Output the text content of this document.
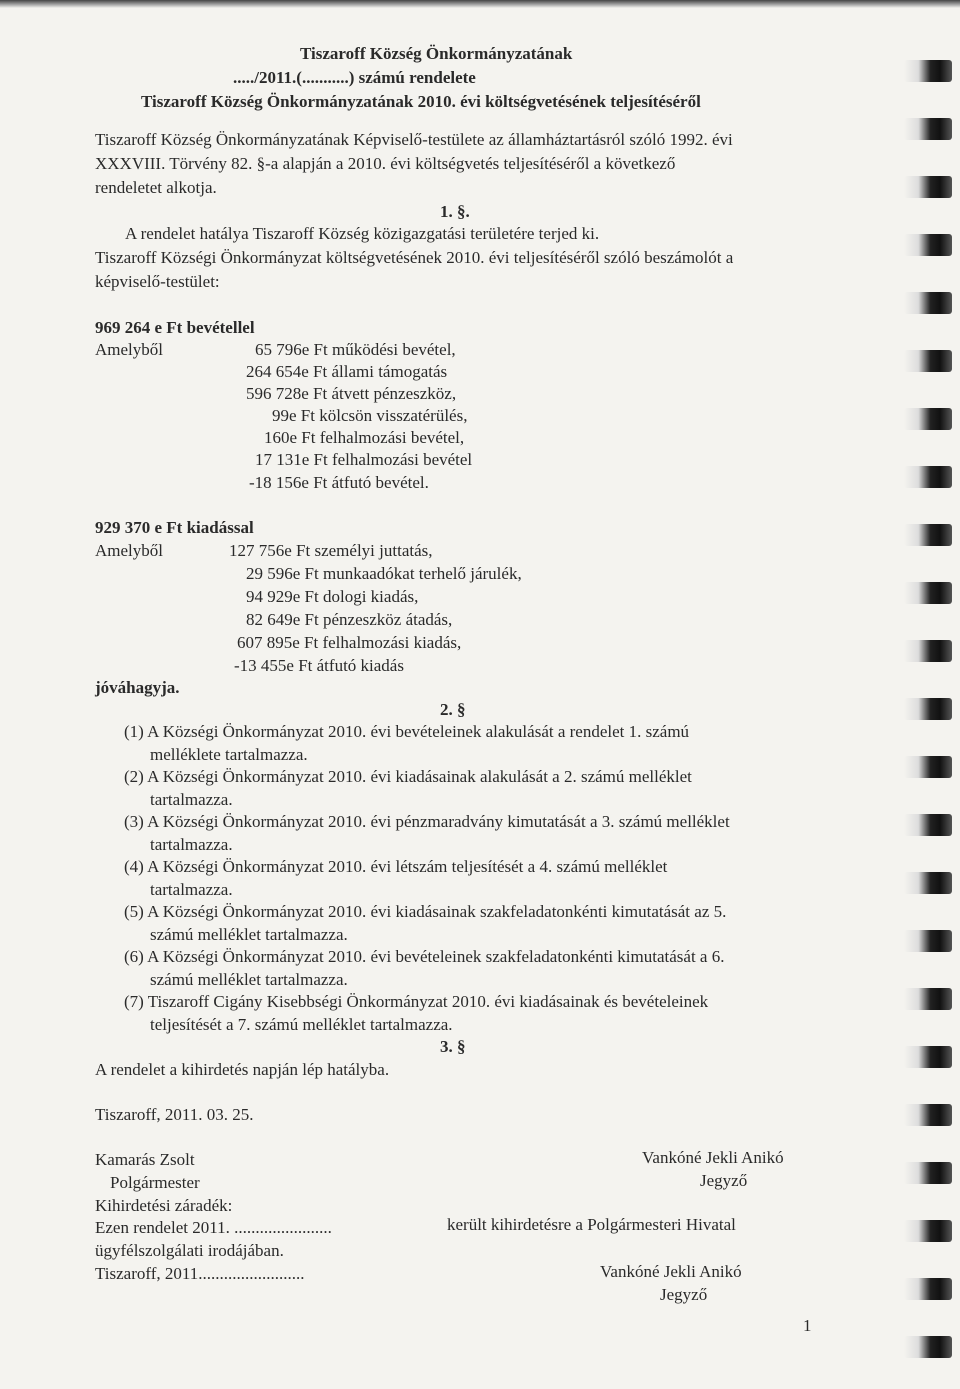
Tiszaroff Község Önkormányzatának
...../2011.(...........) számú rendelete
Tiszaroff Község Önkormányzatának 2010. évi költségvetésének teljesítéséről
Tiszaroff Község Önkormányzatának Képviselő-testülete az államháztartásról szóló 1992. évi
XXXVIII. Törvény 82. §-a alapján a 2010. évi költségvetés teljesítéséről a következő
rendeletet alkotja.
1. §.
A rendelet hatálya Tiszaroff Község közigazgatási területére terjed ki.
Tiszaroff Községi Önkormányzat költségvetésének 2010. évi teljesítéséről szóló beszámolót a
képviselő-testület:
969 264 e Ft bevétellel
Amelyből	65 796e Ft működési bevétel,
264 654e Ft állami támogatás
596 728e Ft átvett pénzeszköz,
99e Ft kölcsön visszatérülés,
160e Ft felhalmozási bevétel,
17 131e Ft felhalmozási bevétel
-18 156e Ft átfutó bevétel.
929 370 e Ft kiadással
Amelyből	127 756e Ft személyi juttatás,
29 596e Ft munkaadókat terhelő járulék,
94 929e Ft dologi kiadás,
82 649e Ft pénzeszköz átadás,
607 895e Ft felhalmozási kiadás,
-13 455e Ft átfutó kiadás
jóváhagyja.
2. §
(1) A Községi Önkormányzat 2010. évi bevételeinek alakulását a rendelet 1. számú
melléklete tartalmazza.
(2) A Községi Önkormányzat 2010. évi kiadásainak alakulását a 2. számú melléklet
tartalmazza.
(3) A Községi Önkormányzat 2010. évi pénzmaradvány kimutatását a 3. számú melléklet
tartalmazza.
(4) A Községi Önkormányzat 2010. évi létszám teljesítését a 4. számú melléklet
tartalmazza.
(5) A Községi Önkormányzat 2010. évi kiadásainak szakfeladatonkénti kimutatását az 5.
számú melléklet tartalmazza.
(6) A Községi Önkormányzat 2010. évi bevételeinek szakfeladatonkénti kimutatását a 6.
számú melléklet tartalmazza.
(7) Tiszaroff Cigány Kisebbségi Önkormányzat 2010. évi kiadásainak és bevételeinek
teljesítését a 7. számú melléklet tartalmazza.
3. §
A rendelet a kihirdetés napján lép hatályba.
Tiszaroff, 2011. 03. 25.
Kamarás Zsolt	Vankóné Jekli Anikó
Polgármester	Jegyző
Kihirdetési záradék:
Ezen rendelet 2011. .......................	került kihirdetésre a Polgármesteri Hivatal
ügyfélszolgálati irodájában.
Tiszaroff, 2011.........................	Vankóné Jekli Anikó
Jegyző
1
